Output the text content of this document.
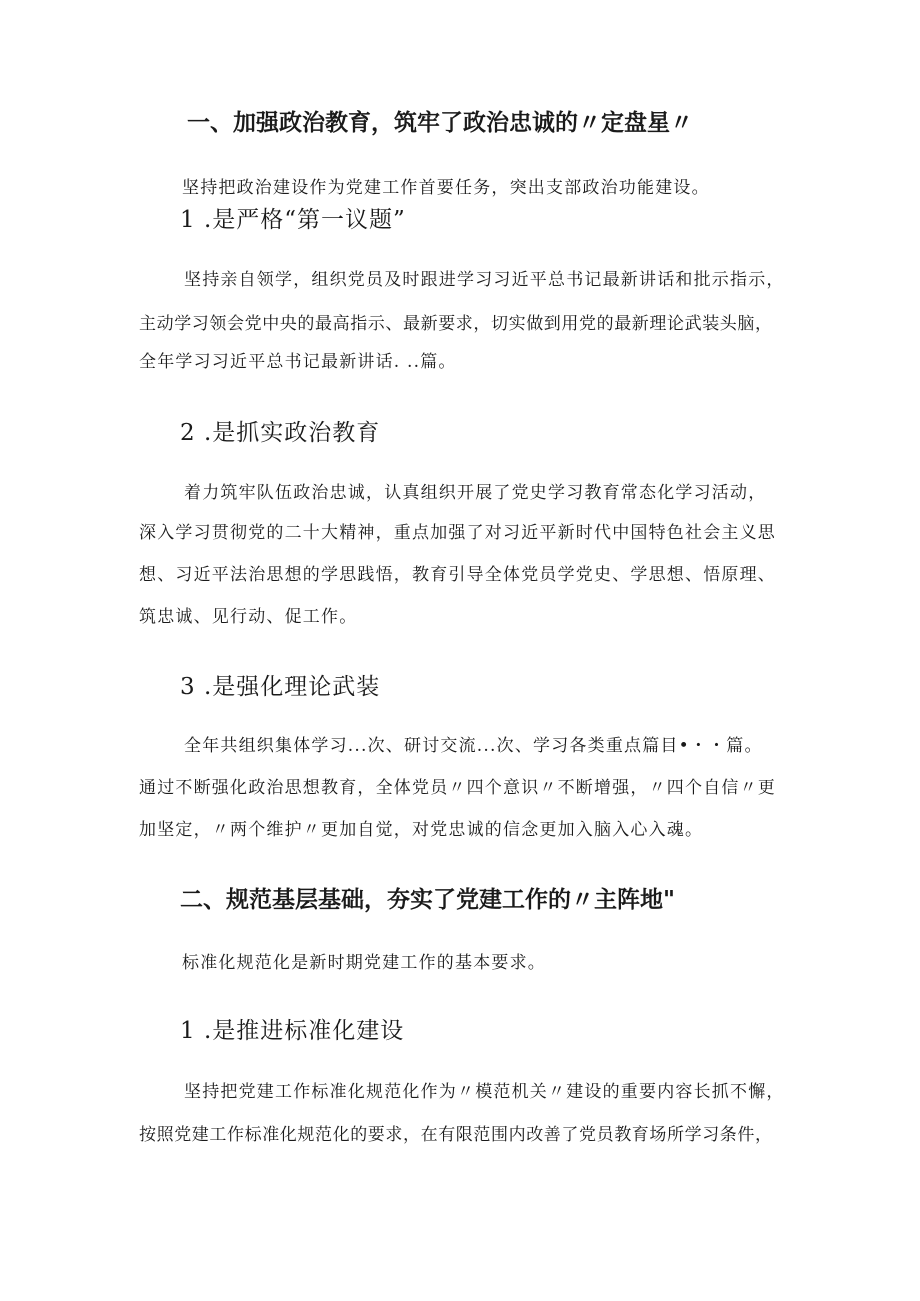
一、加强政治教育，筑牢了政治忠诚的〃定盘星〃

坚持把政治建设作为党建工作首要任务，突出支部政治功能建设。

1 .是严格“第一议题”

坚持亲自领学，组织党员及时跟进学习习近平总书记最新讲话和批示指示，

主动学习领会党中央的最高指示、最新要求，切实做到用党的最新理论武装头脑，

全年学习习近平总书记最新讲话. ..篇。

2 .是抓实政治教育

着力筑牢队伍政治忠诚，认真组织开展了党史学习教育常态化学习活动，

深入学习贯彻党的二十大精神，重点加强了对习近平新时代中国特色社会主义思

想、习近平法治思想的学思践悟，教育引导全体党员学党史、学思想、悟原理、

筑忠诚、见行动、促工作。

3 .是强化理论武装

全年共组织集体学习...次、研讨交流...次、学习各类重点篇目•・・篇。

通过不断强化政治思想教育，全体党员〃四个意识〃不断增强，〃四个自信〃更

加坚定，〃两个维护〃更加自觉，对党忠诚的信念更加入脑入心入魂。

二、规范基层基础，夯实了党建工作的〃主阵地"

标准化规范化是新时期党建工作的基本要求。

1 .是推进标准化建设

坚持把党建工作标准化规范化作为〃模范机关〃建设的重要内容长抓不懈，

按照党建工作标准化规范化的要求，在有限范围内改善了党员教育场所学习条件，
